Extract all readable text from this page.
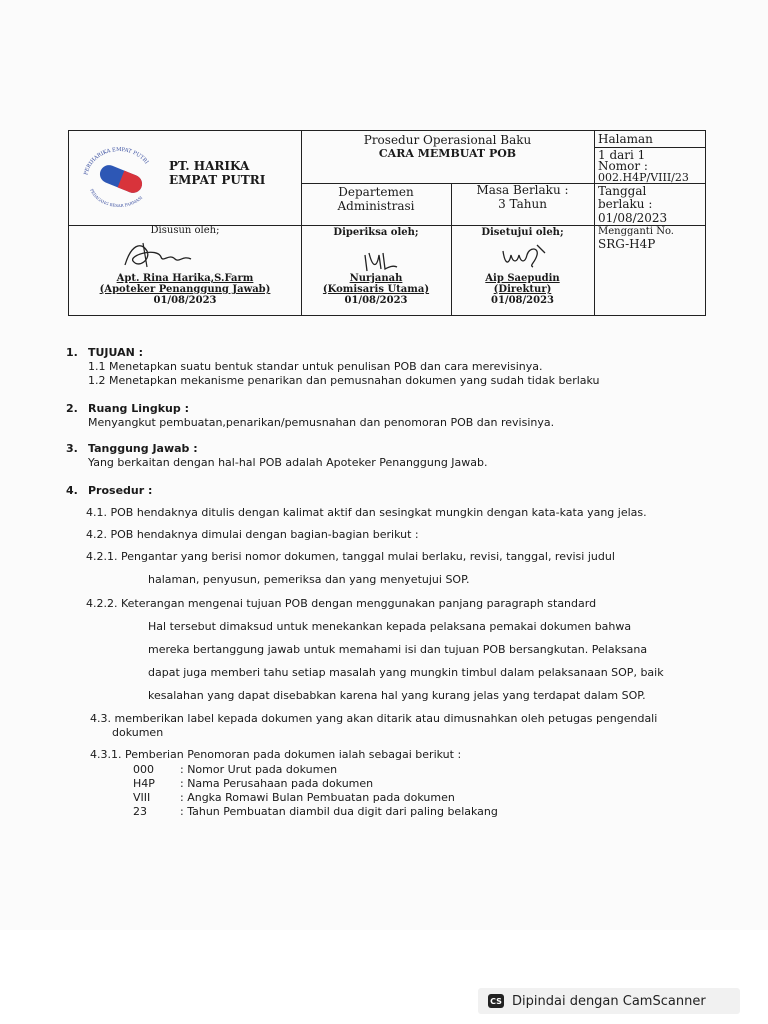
PERIHARIKA EMPAT PUTRI
PEDAGANG BESAR FARMASI
PT. HARIKA
EMPAT PUTRI
Prosedur Operasional Baku
CARA MEMBUAT POB
Halaman
1 dari 1
Nomor :
002.H4P/VIII/23
Tanggal
berlaku :
01/08/2023
Departemen
Administrasi
Masa Berlaku :
3 Tahun
Disusun oleh;
Apt. Rina Harika,S.Farm
(Apoteker Penanggung Jawab)
01/08/2023
Diperiksa oleh;
Nurjanah
(Komisaris Utama)
01/08/2023
Disetujui oleh;
Aip Saepudin
(Direktur)
01/08/2023
Mengganti No.
SRG-H4P
1. TUJUAN :
1.1 Menetapkan suatu bentuk standar untuk penulisan POB dan cara merevisinya.
1.2 Menetapkan mekanisme penarikan dan pemusnahan dokumen yang sudah tidak berlaku
2. Ruang Lingkup :
Menyangkut pembuatan,penarikan/pemusnahan dan penomoran POB dan revisinya.
3. Tanggung Jawab :
Yang berkaitan dengan hal-hal POB adalah Apoteker Penanggung Jawab.
4. Prosedur :
4.1. POB hendaknya ditulis dengan kalimat aktif dan sesingkat mungkin dengan kata-kata yang jelas.
4.2. POB hendaknya dimulai dengan bagian-bagian berikut :
4.2.1. Pengantar yang berisi nomor dokumen, tanggal mulai berlaku, revisi, tanggal, revisi judul
halaman, penyusun, pemeriksa dan yang menyetujui SOP.
4.2.2. Keterangan mengenai tujuan POB dengan menggunakan panjang paragraph standard
Hal tersebut dimaksud untuk menekankan kepada pelaksana pemakai dokumen bahwa
mereka bertanggung jawab untuk memahami isi dan tujuan POB bersangkutan. Pelaksana
dapat juga memberi tahu setiap masalah yang mungkin timbul dalam pelaksanaan SOP, baik
kesalahan yang dapat disebabkan karena hal yang kurang jelas yang terdapat dalam SOP.
4.3. memberikan label kepada dokumen yang akan ditarik atau dimusnahkan oleh petugas pengendali
dokumen
4.3.1. Pemberian Penomoran pada dokumen ialah sebagai berikut :
000 : Nomor Urut pada dokumen
H4P : Nama Perusahaan pada dokumen
VIII	: Angka Romawi Bulan Pembuatan pada dokumen
23	: Tahun Pembuatan diambil dua digit dari paling belakang
CS Dipindai dengan CamScanner
